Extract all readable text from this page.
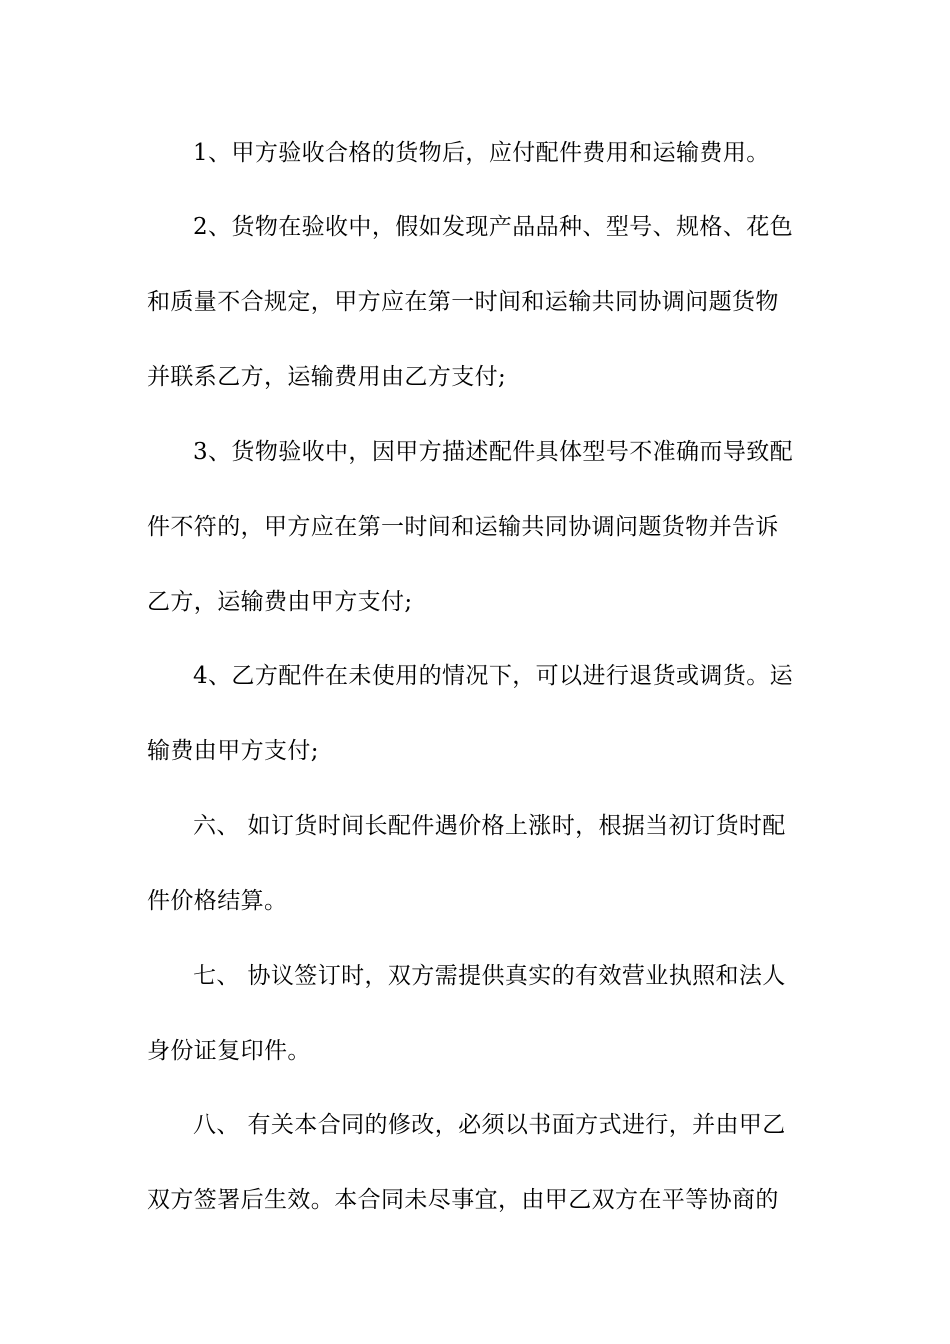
1、甲方验收合格的货物后，应付配件费用和运输费用。
2、货物在验收中，假如发现产品品种、型号、规格、花色
和质量不合规定，甲方应在第一时间和运输共同协调问题货物
并联系乙方，运输费用由乙方支付;
3、货物验收中，因甲方描述配件具体型号不准确而导致配
件不符的，甲方应在第一时间和运输共同协调问题货物并告诉
乙方，运输费由甲方支付;
4、乙方配件在未使用的情况下，可以进行退货或调货。运
输费由甲方支付;
六、 如订货时间长配件遇价格上涨时，根据当初订货时配
件价格结算。
七、 协议签订时，双方需提供真实的有效营业执照和法人
身份证复印件。
八、 有关本合同的修改，必须以书面方式进行，并由甲乙
双方签署后生效。本合同未尽事宜，由甲乙双方在平等协商的
